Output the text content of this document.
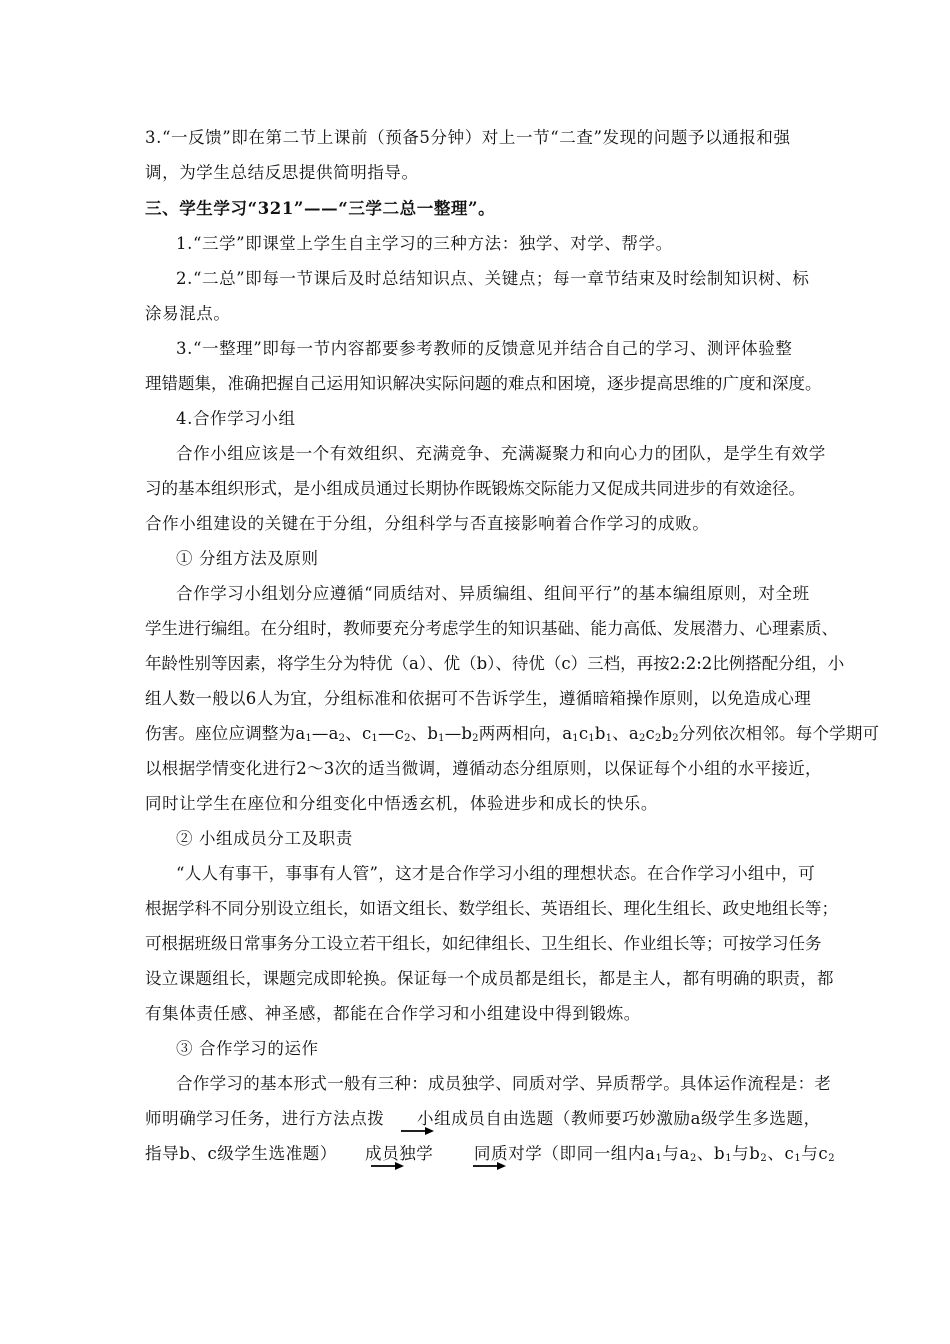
3.“一反馈”即在第二节上课前（预备5分钟）对上一节“二查”发现的问题予以通报和强
调，为学生总结反思提供简明指导。
三、学生学习“321”——“三学二总一整理”。
1.“三学”即课堂上学生自主学习的三种方法：独学、对学、帮学。
2.“二总”即每一节课后及时总结知识点、关键点；每一章节结束及时绘制知识树、标
涂易混点。
3.“一整理”即每一节内容都要参考教师的反馈意见并结合自己的学习、测评体验整
理错题集，准确把握自己运用知识解决实际问题的难点和困境，逐步提高思维的广度和深度。
4.合作学习小组
合作小组应该是一个有效组织、充满竞争、充满凝聚力和向心力的团队，是学生有效学
习的基本组织形式，是小组成员通过长期协作既锻炼交际能力又促成共同进步的有效途径。
合作小组建设的关键在于分组，分组科学与否直接影响着合作学习的成败。
① 分组方法及原则
合作学习小组划分应遵循“同质结对、异质编组、组间平行”的基本编组原则，对全班
学生进行编组。在分组时，教师要充分考虑学生的知识基础、能力高低、发展潜力、心理素质、
年龄性别等因素，将学生分为特优（a）、优（b）、待优（c）三档，再按2:2:2比例搭配分组，小
组人数一般以6人为宜，分组标准和依据可不告诉学生，遵循暗箱操作原则，以免造成心理
伤害。座位应调整为$a_1—a_2$、$c_1—c_2$、$b_1—b_2$两两相向，$a_1c_1b_1$、$a_2c_2b_2$分列依次相邻。每个学期可
以根据学情变化进行2～3次的适当微调，遵循动态分组原则，以保证每个小组的水平接近，
同时让学生在座位和分组变化中悟透玄机，体验进步和成长的快乐。
② 小组成员分工及职责
“人人有事干，事事有人管”，这才是合作学习小组的理想状态。在合作学习小组中，可
根据学科不同分别设立组长，如语文组长、数学组长、英语组长、理化生组长、政史地组长等；
可根据班级日常事务分工设立若干组长，如纪律组长、卫生组长、作业组长等；可按学习任务
设立课题组长，课题完成即轮换。保证每一个成员都是组长，都是主人，都有明确的职责，都
有集体责任感、神圣感，都能在合作学习和小组建设中得到锻炼。
③ 合作学习的运作
合作学习的基本形式一般有三种：成员独学、同质对学、异质帮学。具体运作流程是：老
师明确学习任务，进行方法点拨 小组成员自由选题（教师要巧妙激励a级学生多选题，
指导b、c级学生选准题） 成员独学 同质对学（即同一组内$a_1$与$a_2$、$b_1$与$b_2$、$c_1$与$c_2$
